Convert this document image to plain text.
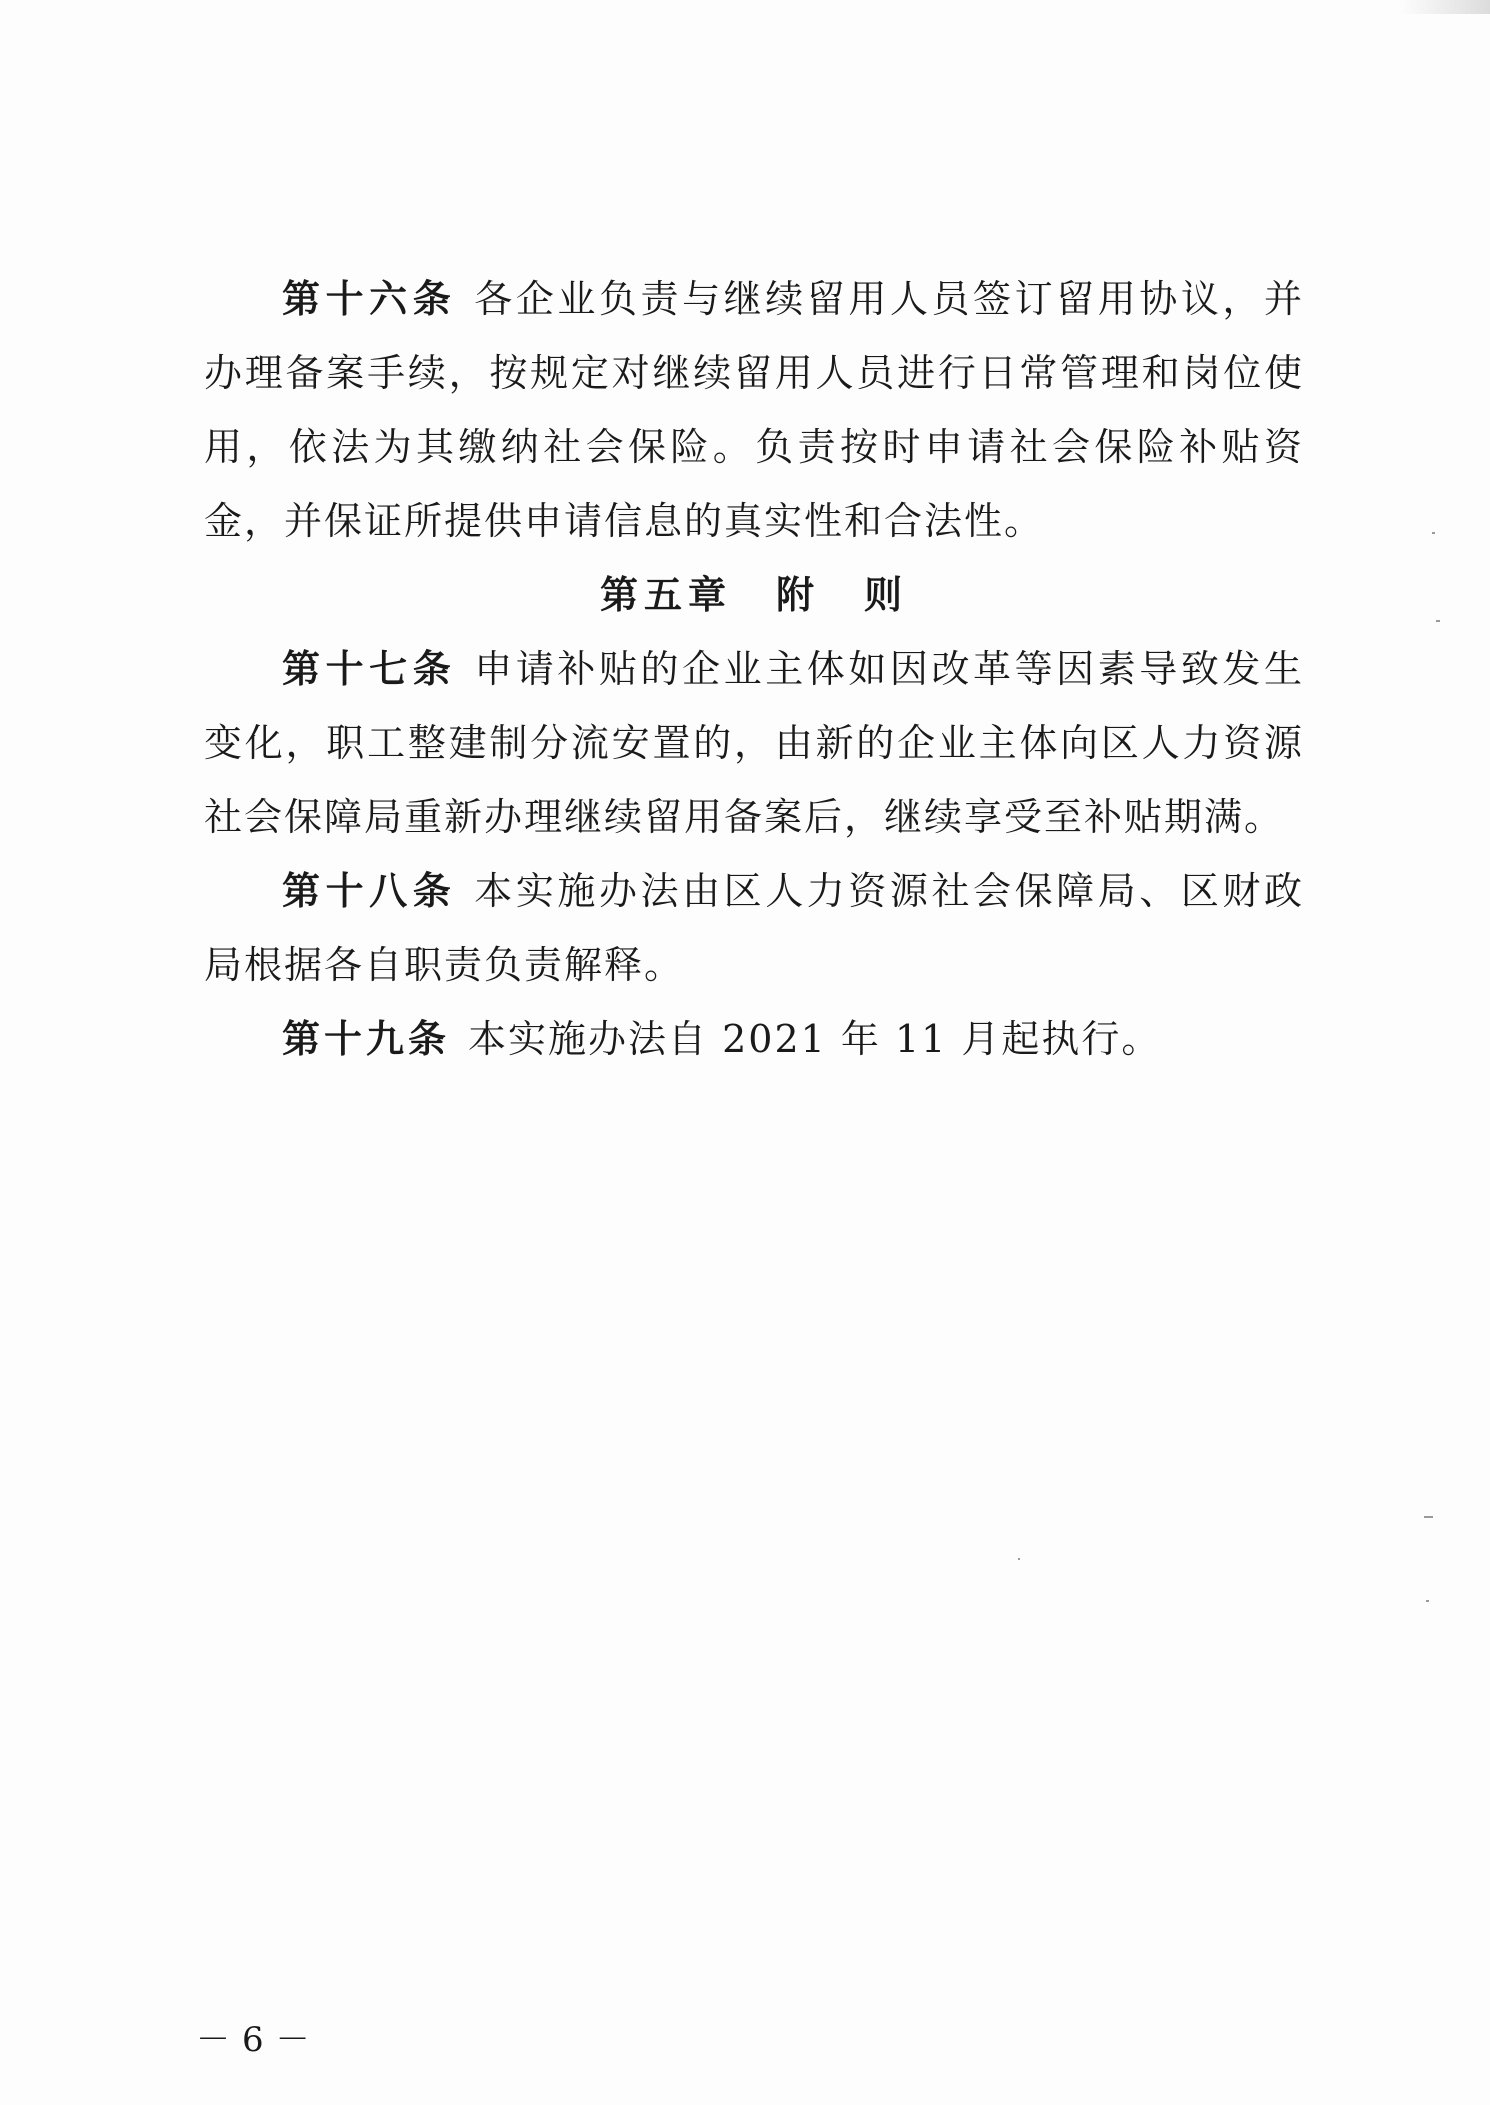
第十六条 各企业负责与继续留用人员签订留用协议，并办理备案手续，按规定对继续留用人员进行日常管理和岗位使用，依法为其缴纳社会保险。负责按时申请社会保险补贴资金，并保证所提供申请信息的真实性和合法性。

第五章　附　则

第十七条 申请补贴的企业主体如因改革等因素导致发生变化，职工整建制分流安置的，由新的企业主体向区人力资源社会保障局重新办理继续留用备案后，继续享受至补贴期满。

第十八条 本实施办法由区人力资源社会保障局、区财政局根据各自职责负责解释。

第十九条 本实施办法自 2021 年 11 月起执行。

－6－
